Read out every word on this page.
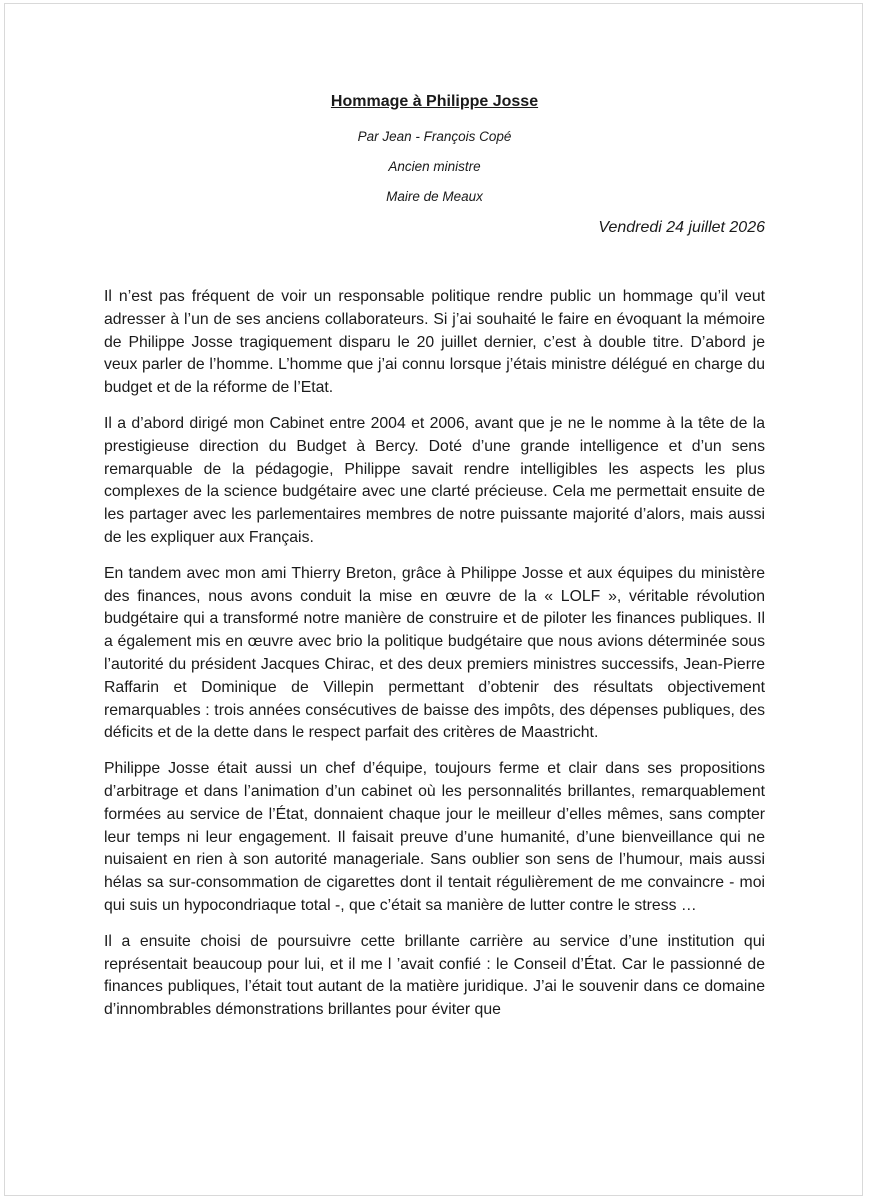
Hommage à Philippe Josse

Par Jean - François Copé

Ancien ministre

Maire de Meaux

Vendredi 24 juillet 2026

Il n’est pas fréquent de voir un responsable politique rendre public un hommage qu’il veut adresser à l’un de ses anciens collaborateurs. Si j’ai souhaité le faire en évoquant la mémoire de Philippe Josse tragiquement disparu le 20 juillet dernier, c’est à double titre. D’abord je veux parler de l’homme. L’homme que j’ai connu lorsque j’étais ministre délégué en charge du budget et de la réforme de l’Etat.

Il a d’abord dirigé mon Cabinet entre 2004 et 2006, avant que je ne le nomme à la tête de la prestigieuse direction du Budget à Bercy. Doté d’une grande intelligence et d’un sens remarquable de la pédagogie, Philippe savait rendre intelligibles les aspects les plus complexes de la science budgétaire avec une clarté précieuse. Cela me permettait ensuite de les partager avec les parlementaires membres de notre puissante majorité d’alors, mais aussi de les expliquer aux Français.

En tandem avec mon ami Thierry Breton, grâce à Philippe Josse et aux équipes du ministère des finances, nous avons conduit la mise en œuvre de la « LOLF », véritable révolution budgétaire qui a transformé notre manière de construire et de piloter les finances publiques. Il a également mis en œuvre avec brio la politique budgétaire que nous avions déterminée sous l’autorité du président Jacques Chirac, et des deux premiers ministres successifs, Jean-Pierre Raffarin et Dominique de Villepin permettant d’obtenir des résultats objectivement remarquables : trois années consécutives de baisse des impôts, des dépenses publiques, des déficits et de la dette dans le respect parfait des critères de Maastricht.

Philippe Josse était aussi un chef d’équipe, toujours ferme et clair dans ses propositions d’arbitrage et dans l’animation d’un cabinet où les personnalités brillantes, remarquablement formées au service de l’État, donnaient chaque jour le meilleur d’elles mêmes, sans compter leur temps ni leur engagement. Il faisait preuve d’une humanité, d’une bienveillance qui ne nuisaient en rien à son autorité manageriale. Sans oublier son sens de l’humour, mais aussi hélas sa sur-consommation de cigarettes dont il tentait régulièrement de me convaincre - moi qui suis un hypocondriaque total -, que c’était sa manière de lutter contre le stress …

Il a ensuite choisi de poursuivre cette brillante carrière au service d’une institution qui représentait beaucoup pour lui, et il me l ’avait confié : le Conseil d’État. Car le passionné de finances publiques, l’était tout autant de la matière juridique. J’ai le souvenir dans ce domaine d’innombrables démonstrations brillantes pour éviter que
